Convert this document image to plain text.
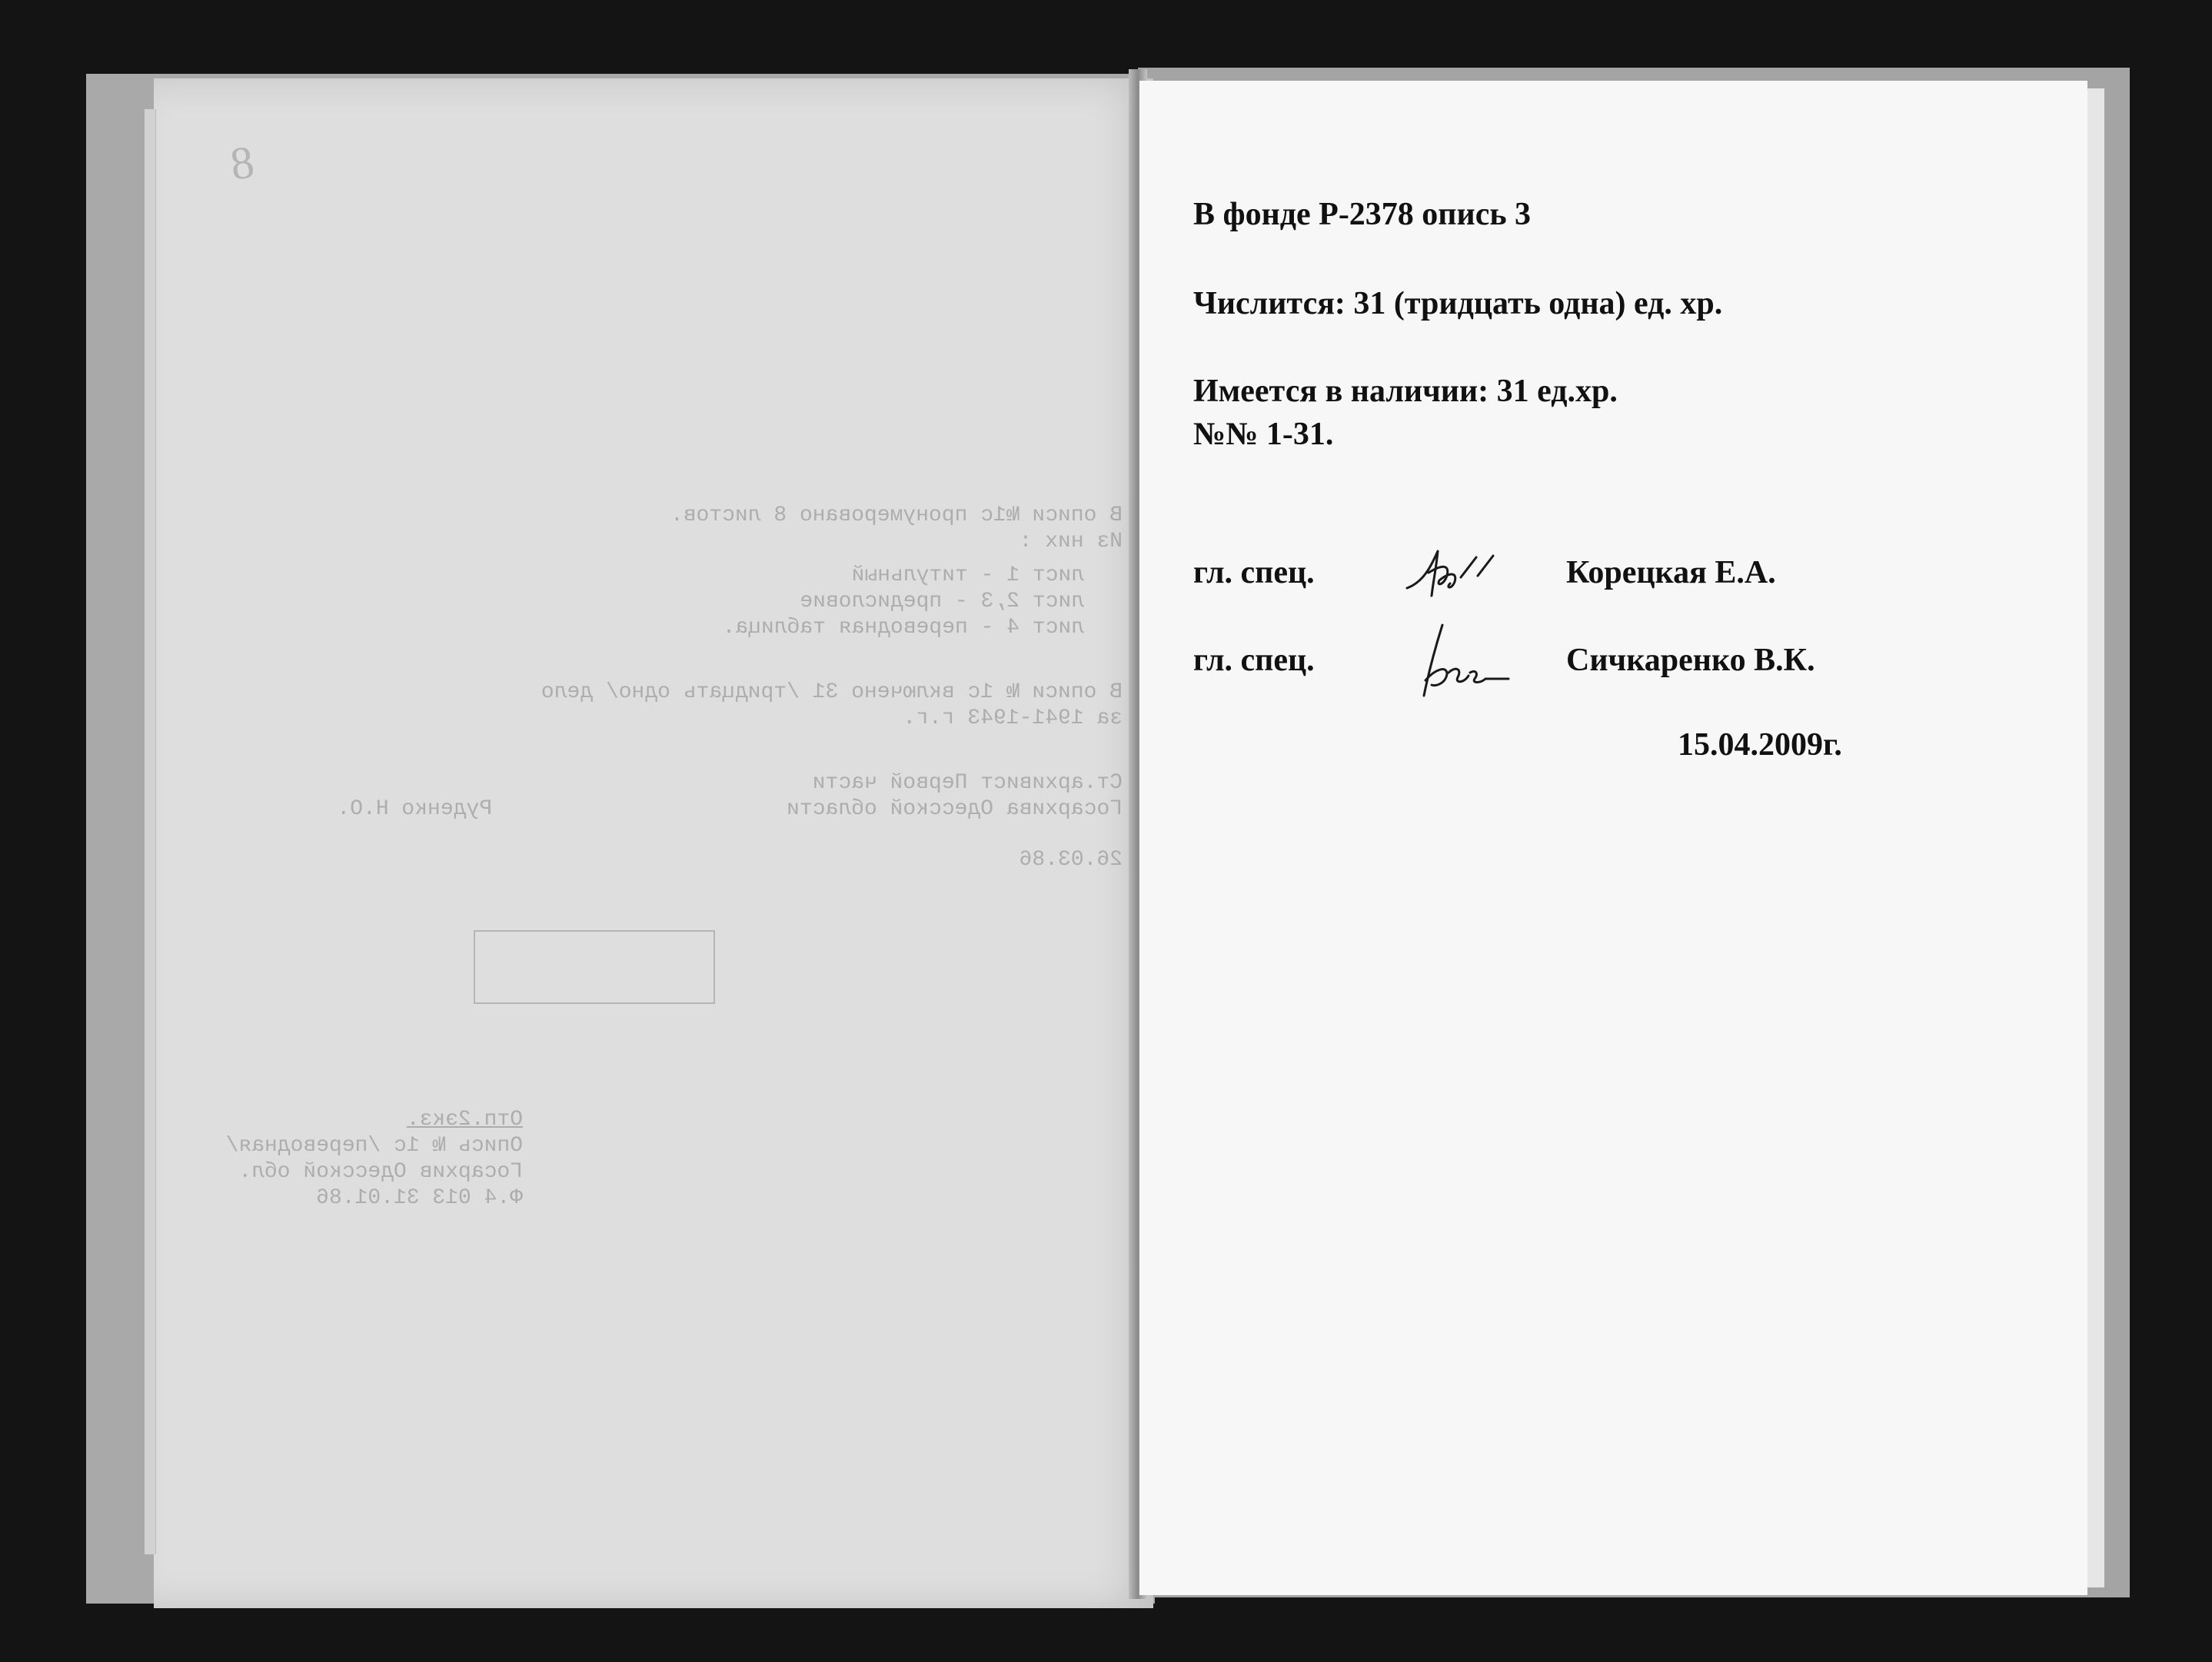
8
В описи №1с пронумеровано 8 листов.
Из них :
лист 1 - титульный
лист 2,3 - предисловие
лист 4 - переводная таблица.
В описи № 1с включено 31 /тридцать одно/ дело
за 1941-1943 г.г.
Ст.архивист Первой части
Госархива Одесской области
Руденко Н.О.
26.03.86
Отп.2экз.
Опись № 1с /переводная/
Госархив Одесской обл.
Ф.4 013 31.01.86
В фонде Р-2378 опись 3
Числится: 31 (тридцать одна) ед. хр.
Имеется в наличии: 31 ед.хр.
№№ 1-31.
гл. спец.	Корецкая Е.А.
гл. спец.	Сичкаренко В.К.
15.04.2009г.
